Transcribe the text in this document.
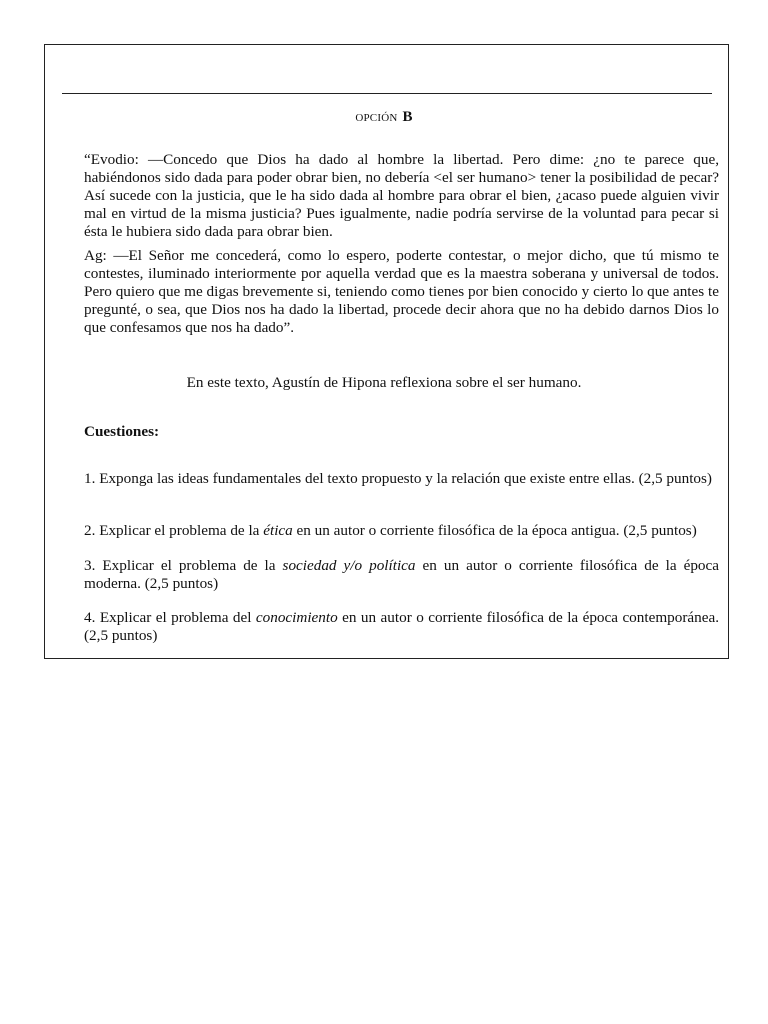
OPCIÓN B
“Evodio: —Concedo que Dios ha dado al hombre la libertad. Pero dime: ¿no te parece que, habiéndonos sido dada para poder obrar bien, no debería <el ser humano> tener la posibilidad de pecar? Así sucede con la justicia, que le ha sido dada al hombre para obrar el bien, ¿acaso puede alguien vivir mal en virtud de la misma justicia? Pues igualmente, nadie podría servirse de la voluntad para pecar si ésta le hubiera sido dada para obrar bien.
Ag: —El Señor me concederá, como lo espero, poderte contestar, o mejor dicho, que tú mismo te contestes, iluminado interiormente por aquella verdad que es la maestra soberana y universal de todos. Pero quiero que me digas brevemente si, teniendo como tienes por bien conocido y cierto lo que antes te pregunté, o sea, que Dios nos ha dado la libertad, procede decir ahora que no ha debido darnos Dios lo que confesamos que nos ha dado”.
En este texto, Agustín de Hipona reflexiona sobre el ser humano.
Cuestiones:
1. Exponga las ideas fundamentales del texto propuesto y la relación que existe entre ellas. (2,5 puntos)
2. Explicar el problema de la ética en un autor o corriente filosófica de la época antigua. (2,5 puntos)
3. Explicar el problema de la sociedad y/o política en un autor o corriente filosófica de la época moderna. (2,5 puntos)
4. Explicar el problema del conocimiento en un autor o corriente filosófica de la época contemporánea. (2,5 puntos)
